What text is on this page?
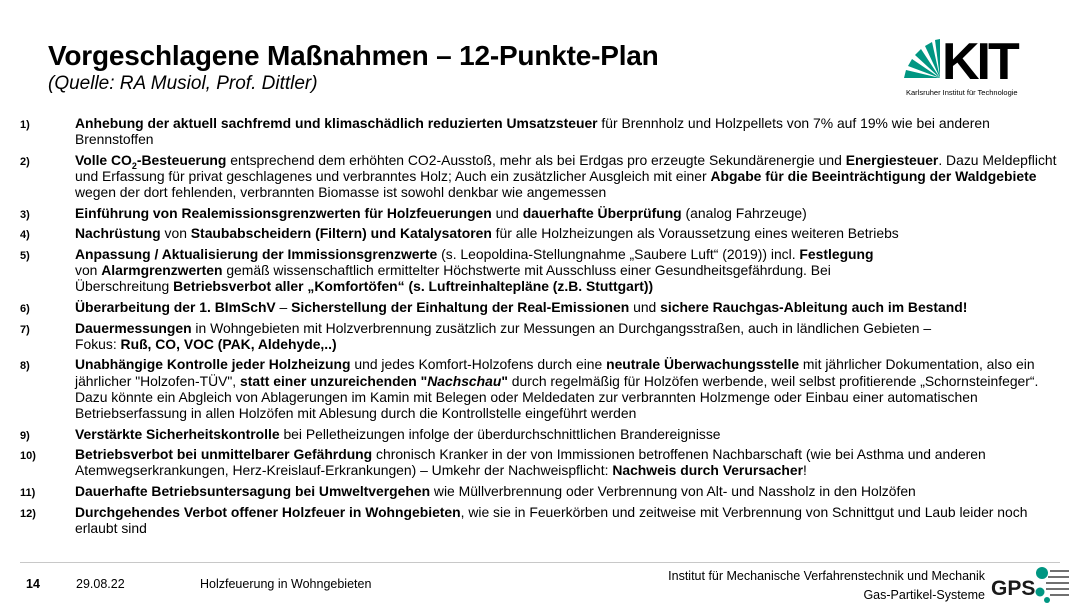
Vorgeschlagene Maßnahmen – 12-Punkte-Plan
(Quelle: RA Musiol, Prof. Dittler)	KIT
Karlsruher Institut für Technologie
1)	Anhebung der aktuell sachfremd und klimaschädlich reduzierten Umsatzsteuer für Brennholz und Holzpellets von 7% auf 19% wie bei anderen Brennstoffen
2)	Volle $CO_2$-Besteuerung entsprechend dem erhöhten CO2-Ausstoß, mehr als bei Erdgas pro erzeugte Sekundärenergie und Energiesteuer. Dazu Meldepflicht und Erfassung für privat geschlagenes und verbranntes Holz; Auch ein zusätzlicher Ausgleich mit einer Abgabe für die Beeinträchtigung der Waldgebiete wegen der dort fehlenden, verbrannten Biomasse ist sowohl denkbar wie angemessen
3)	Einführung von Realemissionsgrenzwerten für Holzfeuerungen und dauerhafte Überprüfung (analog Fahrzeuge)
4)	Nachrüstung von Staubabscheidern (Filtern) und Katalysatoren für alle Holzheizungen als Voraussetzung eines weiteren Betriebs
5)	Anpassung / Aktualisierung der Immissionsgrenzwerte (s. Leopoldina-Stellungnahme „Saubere Luft“ (2019)) incl. Festlegung
von Alarmgrenzwerten gemäß wissenschaftlich ermittelter Höchstwerte mit Ausschluss einer Gesundheitsgefährdung. Bei
Überschreitung Betriebsverbot aller „Komfortöfen“ (s. Luftreinhaltepläne (z.B. Stuttgart))
6)	Überarbeitung der 1. BImSchV – Sicherstellung der Einhaltung der Real-Emissionen und sichere Rauchgas-Ableitung auch im Bestand!
7)	Dauermessungen in Wohngebieten mit Holzverbrennung zusätzlich zur Messungen an Durchgangsstraßen, auch in ländlichen Gebieten –
Fokus: Ruß, CO, VOC (PAK, Aldehyde,..)
8)	Unabhängige Kontrolle jeder Holzheizung und jedes Komfort-Holzofens durch eine neutrale Überwachungsstelle mit jährlicher Dokumentation, also ein jährlicher "Holzofen-TÜV", statt einer unzureichenden "Nachschau" durch regelmäßig für Holzöfen werbende, weil selbst profitierende „Schornsteinfeger“. Dazu könnte ein Abgleich von Ablagerungen im Kamin mit Belegen oder Meldedaten zur verbrannten Holzmenge oder Einbau einer automatischen Betriebserfassung in allen Holzöfen mit Ablesung durch die Kontrollstelle eingeführt werden
9)	Verstärkte Sicherheitskontrolle bei Pelletheizungen infolge der überdurchschnittlichen Brandereignisse
10)	Betriebsverbot bei unmittelbarer Gefährdung chronisch Kranker in der von Immissionen betroffenen Nachbarschaft (wie bei Asthma und anderen Atemwegserkrankungen, Herz-Kreislauf-Erkrankungen) – Umkehr der Nachweispflicht: Nachweis durch Verursacher!
11)	Dauerhafte Betriebsuntersagung bei Umweltvergehen wie Müllverbrennung oder Verbrennung von Alt- und Nassholz in den Holzöfen
12)	Durchgehendes Verbot offener Holzfeuer in Wohngebieten, wie sie in Feuerkörben und zeitweise mit Verbrennung von Schnittgut und Laub leider noch erlaubt sind
14	29.08.22	Holzfeuerung in Wohngebieten
Institut für Mechanische Verfahrenstechnik und Mechanik
Gas-Partikel-Systeme GPS
